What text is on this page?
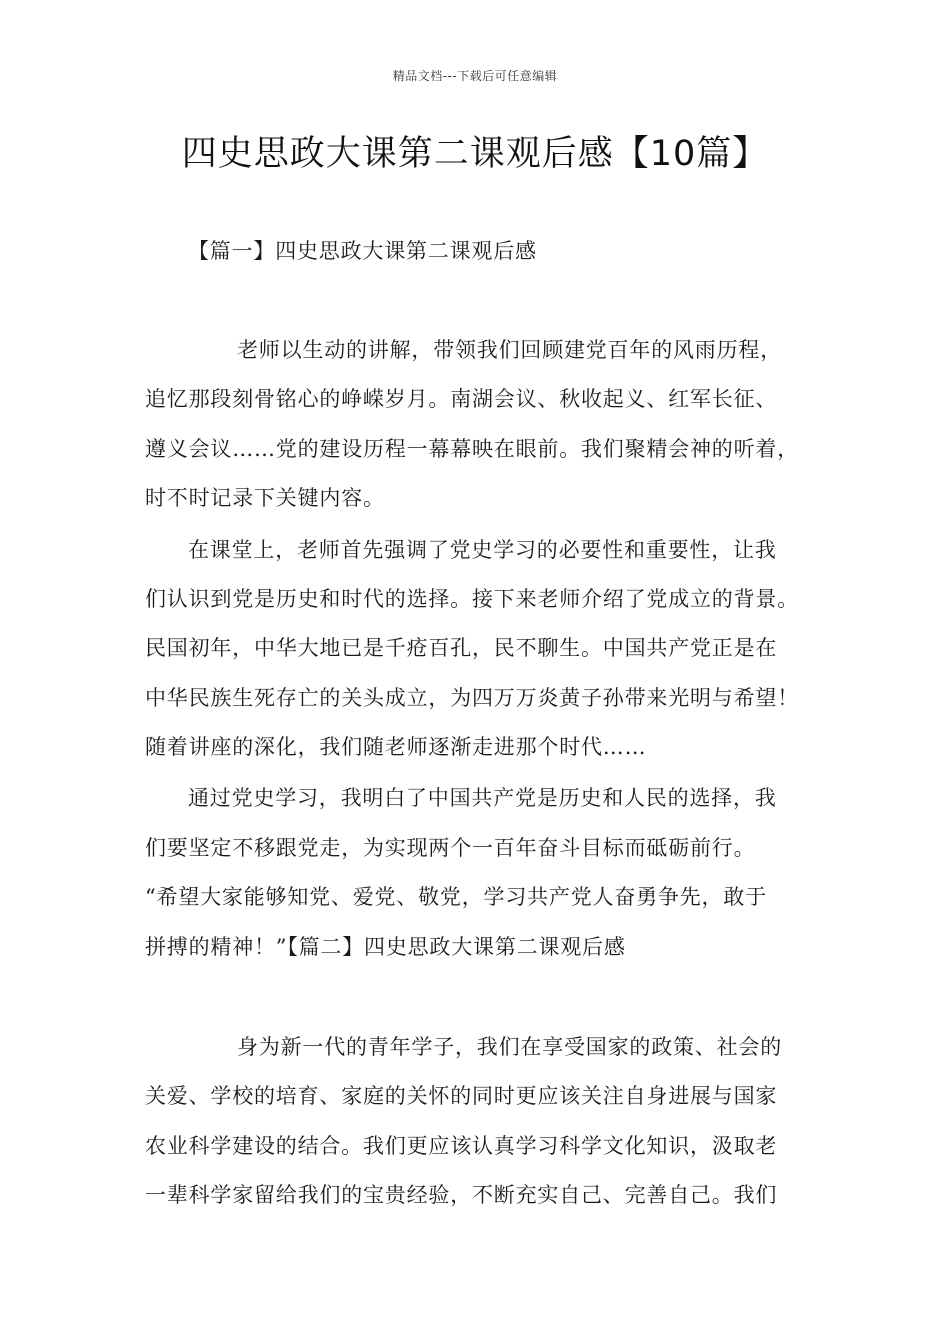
精品文档---下载后可任意编辑
四史思政大课第二课观后感【10篇】
【篇一】四史思政大课第二课观后感
老师以生动的讲解，带领我们回顾建党百年的风雨历程，
追忆那段刻骨铭心的峥嵘岁月。南湖会议、秋收起义、红军长征、
遵义会议……党的建设历程一幕幕映在眼前。我们聚精会神的听着，
时不时记录下关键内容。
在课堂上，老师首先强调了党史学习的必要性和重要性，让我
们认识到党是历史和时代的选择。接下来老师介绍了党成立的背景。
民国初年，中华大地已是千疮百孔，民不聊生。中国共产党正是在
中华民族生死存亡的关头成立，为四万万炎黄子孙带来光明与希望！
随着讲座的深化，我们随老师逐渐走进那个时代……
通过党史学习，我明白了中国共产党是历史和人民的选择，我
们要坚定不移跟党走，为实现两个一百年奋斗目标而砥砺前行。
“希望大家能够知党、爱党、敬党，学习共产党人奋勇争先，敢于
拼搏的精神！”【篇二】四史思政大课第二课观后感
身为新一代的青年学子，我们在享受国家的政策、社会的
关爱、学校的培育、家庭的关怀的同时更应该关注自身进展与国家
农业科学建设的结合。我们更应该认真学习科学文化知识，汲取老
一辈科学家留给我们的宝贵经验，不断充实自己、完善自己。我们
